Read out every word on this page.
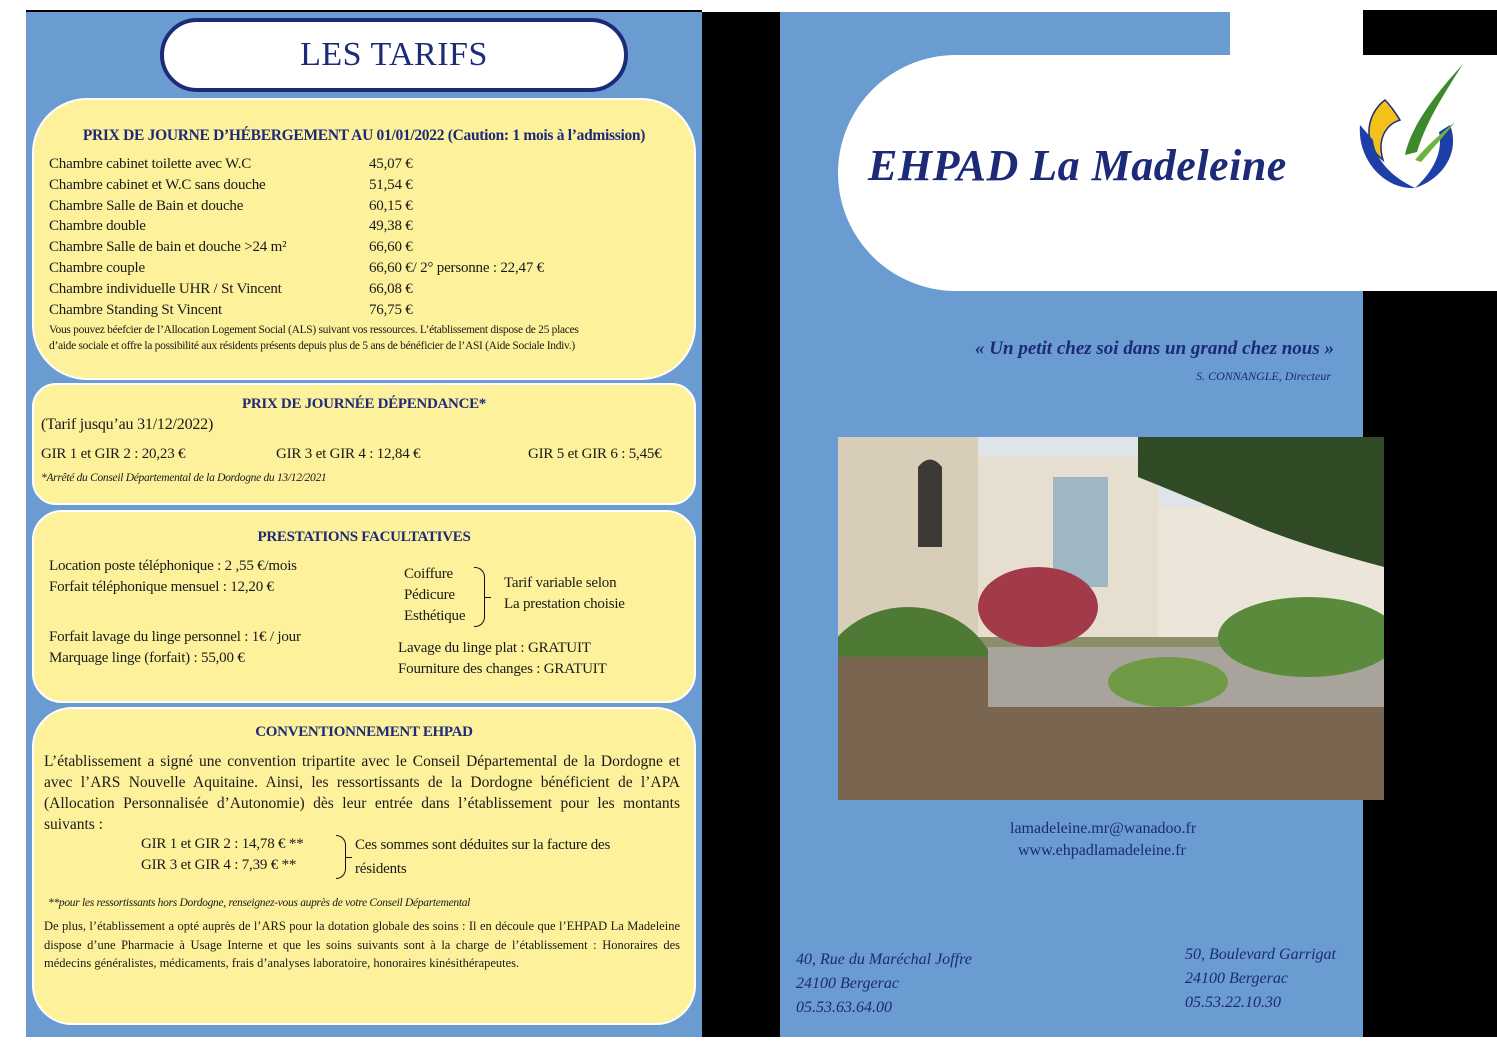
LES TARIFS
PRIX DE JOURNE D’HÉBERGEMENT AU 01/01/2022 (Caution: 1 mois à l’admission)
Chambre cabinet toilette avec W.C	45,07 €
Chambre cabinet et W.C sans douche	51,54 €
Chambre Salle de Bain et douche	60,15 €
Chambre double	49,38 €
Chambre Salle de bain et douche >24 m²	66,60 €
Chambre couple	66,60 €/ 2° personne : 22,47 €
Chambre individuelle UHR / St Vincent	66,08 €
Chambre Standing St Vincent	76,75 €
Vous pouvez béefcier de l’Allocation Logement Social (ALS) suivant vos ressources. L’établissement dispose de 25 places
d’aide sociale et offre la possibilité aux résidents présents depuis plus de 5 ans de bénéficier de l’ASI (Aide Sociale Indiv.)
PRIX DE JOURNÉE DÉPENDANCE*
(Tarif jusqu’au 31/12/2022)
GIR 1 et GIR 2 : 20,23 €	GIR 3 et GIR 4 : 12,84 €	GIR 5 et GIR 6 : 5,45€
*Arrêté du Conseil Départemental de la Dordogne du 13/12/2021
PRESTATIONS FACULTATIVES
Location poste téléphonique : 2 ,55 €/mois
Forfait téléphonique mensuel : 12,20 €
Coiffure
Pédicure
Esthétique
Tarif variable selon
La prestation choisie
Forfait lavage du linge personnel : 1€ / jour
Marquage linge (forfait) : 55,00 €
Lavage du linge plat : GRATUIT
Fourniture des changes : GRATUIT
CONVENTIONNEMENT EHPAD
L’établissement a signé une convention tripartite avec le Conseil Départemental de la Dordogne et avec l’ARS Nouvelle Aquitaine. Ainsi, les ressortissants de la Dordogne bénéficient de l’APA (Allocation Personnalisée d’Autonomie) dès leur entrée dans l’établissement pour les montants suivants :
GIR 1 et GIR 2 : 14,78 € **
GIR 3 et GIR 4 : 7,39 € **
Ces sommes sont déduites sur la facture des
résidents
**pour les ressortissants hors Dordogne, renseignez-vous auprès de votre Conseil Départemental
De plus, l’établissement a opté auprès de l’ARS pour la dotation globale des soins : Il en découle que l’EHPAD La Madeleine dispose d’une Pharmacie à Usage Interne et que les soins suivants sont à la charge de l’établissement : Honoraires des médecins généralistes, médicaments, frais d’analyses laboratoire, honoraires kinésithérapeutes.
EHPAD La Madeleine
« Un petit chez soi dans un grand chez nous »
S. CONNANGLE, Directeur
lamadeleine.mr@wanadoo.fr
www.ehpadlamadeleine.fr
40, Rue du Maréchal Joffre
24100 Bergerac
05.53.63.64.00
50, Boulevard Garrigat
24100 Bergerac
05.53.22.10.30
